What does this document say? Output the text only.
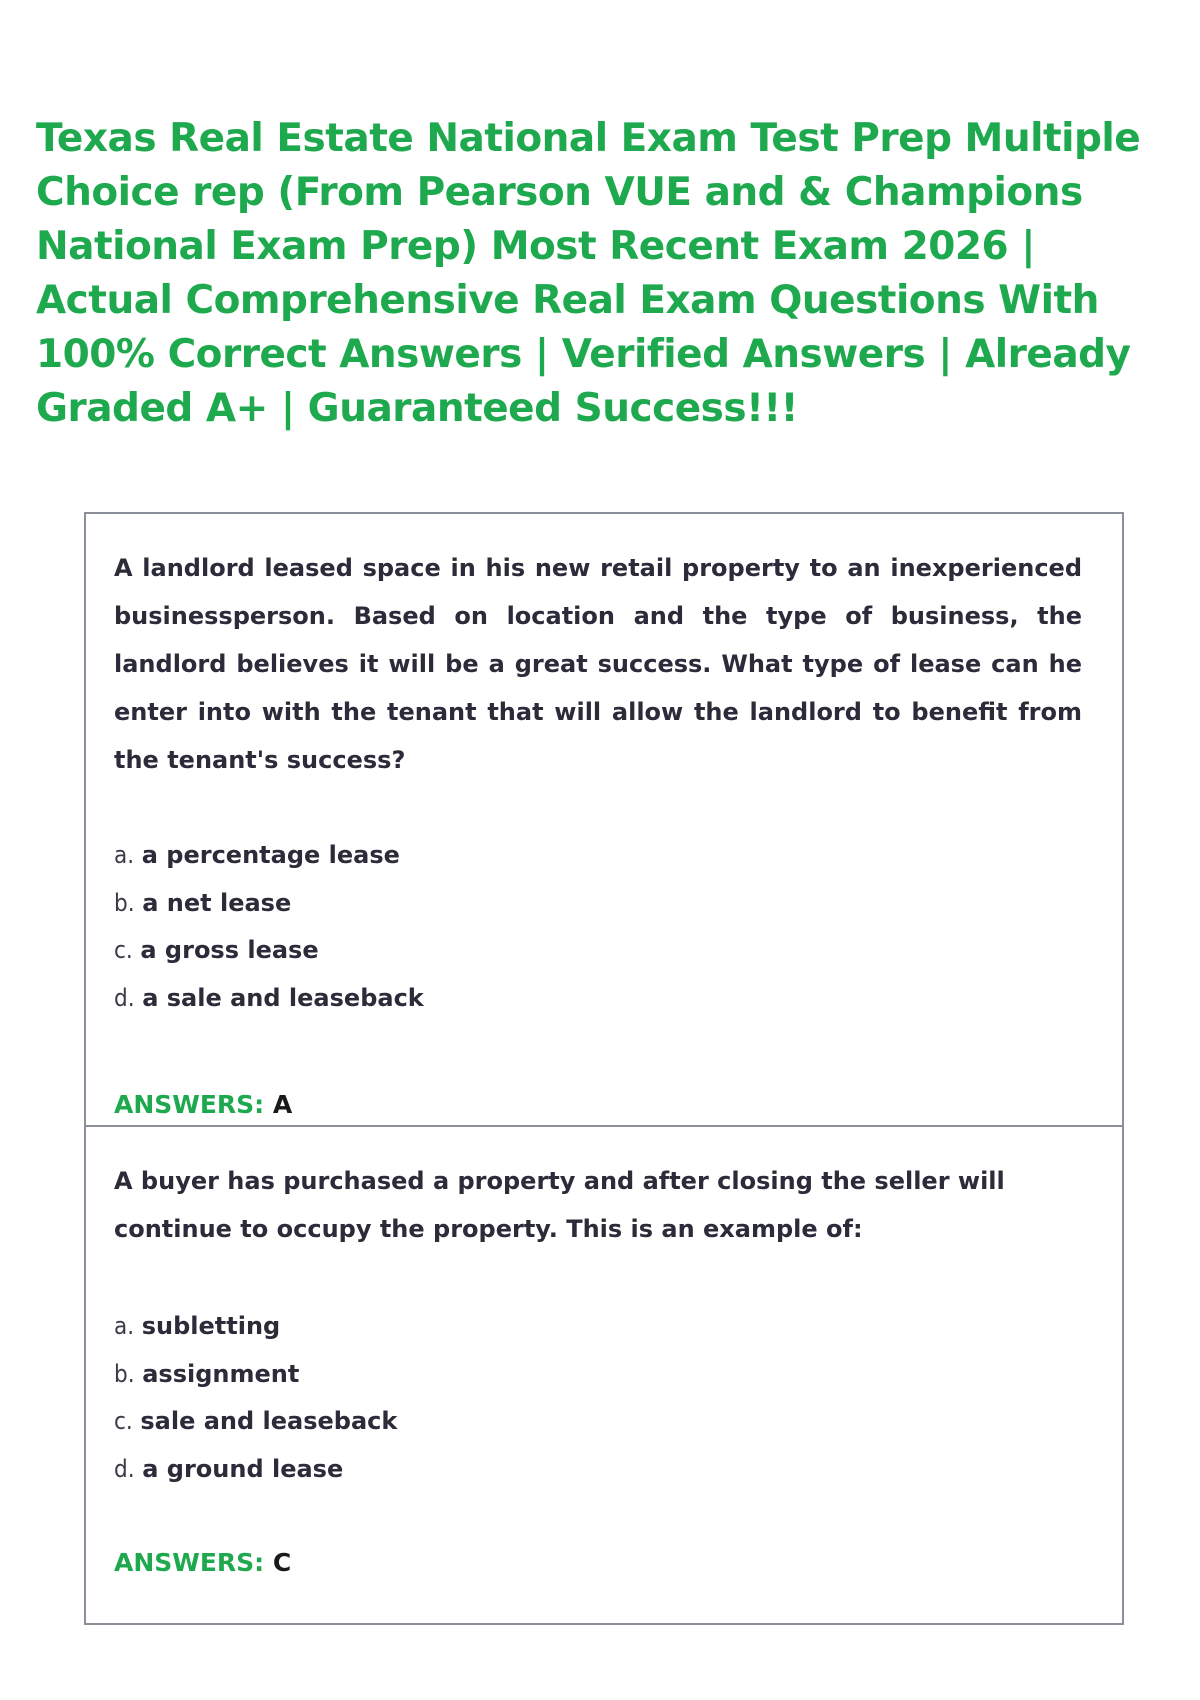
Texas Real Estate National Exam Test Prep Multiple Choice rep (From Pearson VUE and & Champions National Exam Prep) Most Recent Exam 2026 | Actual Comprehensive Real Exam Questions With 100% Correct Answers | Verified Answers | Already Graded A+ | Guaranteed Success!!!

A landlord leased space in his new retail property to an inexperienced businessperson. Based on location and the type of business, the landlord believes it will be a great success. What type of lease can he enter into with the tenant that will allow the landlord to benefit from the tenant's success?

a. a percentage lease
b. a net lease
c. a gross lease
d. a sale and leaseback
ANSWERS: A

A buyer has purchased a property and after closing the seller will continue to occupy the property. This is an example of:

a. subletting
b. assignment
c. sale and leaseback
d. a ground lease
ANSWERS: C
